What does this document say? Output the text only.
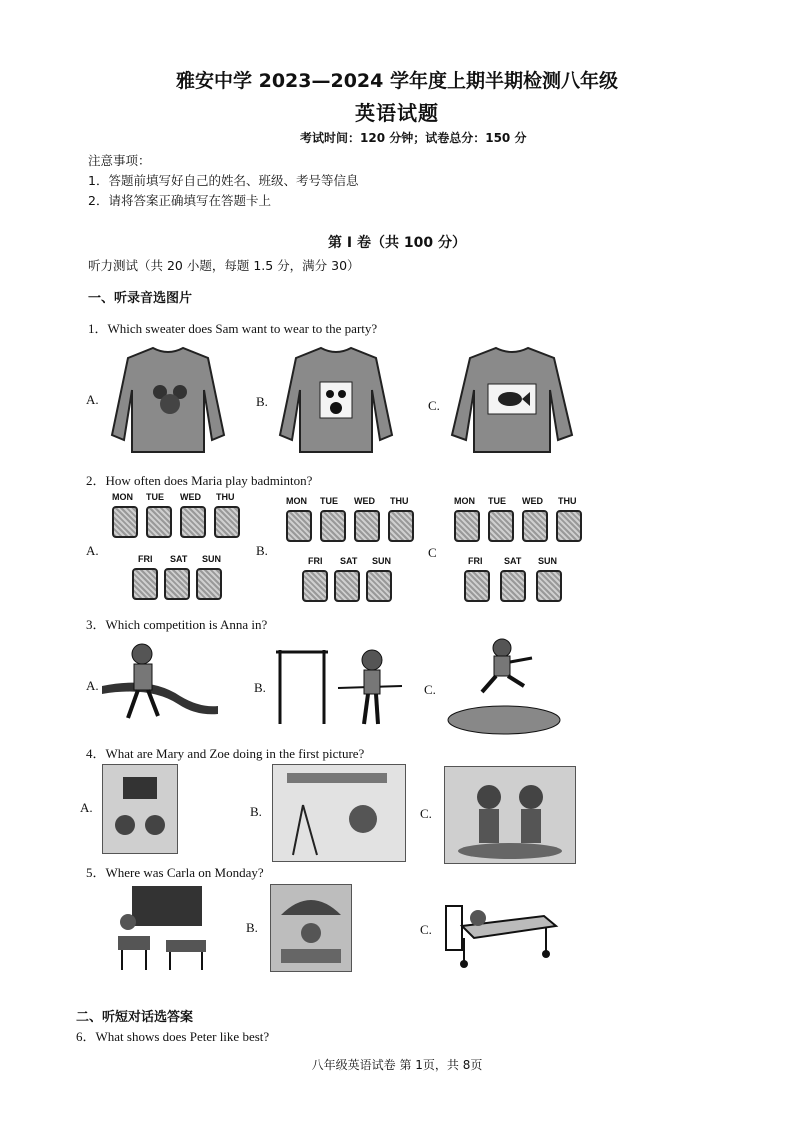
雅安中学 2023—2024 学年度上期半期检测八年级
英语试题
考试时间：120 分钟；试卷总分：150 分
注意事项：
1．答题前填写好自己的姓名、班级、考号等信息
2．请将答案正确填写在答题卡上
第 I 卷（共 100 分）
听力测试（共 20 小题，每题 1.5 分，满分 30）
一、听录音选图片
1．Which sweater does Sam want to wear to the party?
A.	B.	C.
2．How often does Maria play badminton?
A.	B.	C
MON TUE WED THU
FRI SAT SUN
MON TUE WED THU
FRI SAT SUN
MON TUE WED THU
FRI SAT SUN
3．Which competition is Anna in?
A.	B.	C.
4．What are Mary and Zoe doing in the first picture?
A.	B.	C.
5．Where was Carla on Monday?
B.	C.
二、听短对话选答案
6．What shows does Peter like best?
八年级英语试卷 第 1页，共 8页
